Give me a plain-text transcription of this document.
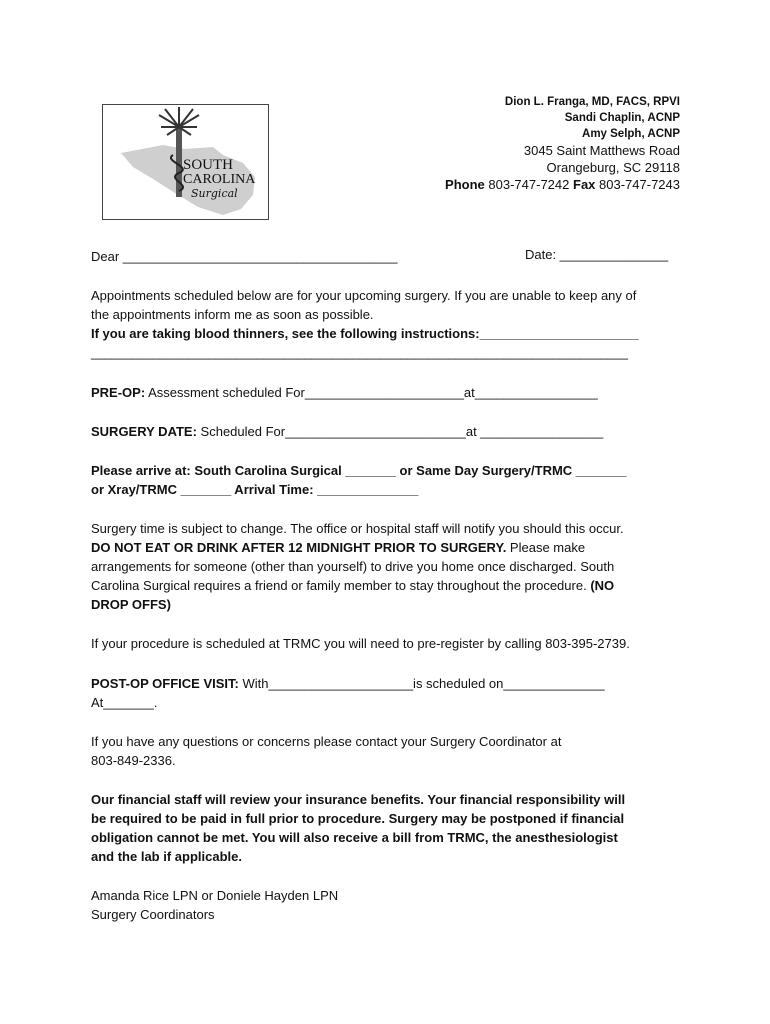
SOUTH
CAROLINA
Surgical
Dion L. Franga, MD, FACS, RPVI
Sandi Chaplin, ACNP
Amy Selph, ACNP
3045 Saint Matthews Road
Orangeburg, SC 29118
Phone 803-747-7242 Fax 803-747-7243
Dear ______________________________________	Date: _______________
Appointments scheduled below are for your upcoming surgery. If you are unable to keep any of
the appointments inform me as soon as possible.
If you are taking blood thinners, see the following instructions:______________________
______________________________________________________________________________
PRE-OP: Assessment scheduled For______________________at_________________
SURGERY DATE: Scheduled For_________________________at _________________
Please arrive at: South Carolina Surgical _______ or Same Day Surgery/TRMC _______
or Xray/TRMC _______ Arrival Time: ______________
Surgery time is subject to change. The office or hospital staff will notify you should this occur.
DO NOT EAT OR DRINK AFTER 12 MIDNIGHT PRIOR TO SURGERY. Please make
arrangements for someone (other than yourself) to drive you home once discharged. South
Carolina Surgical requires a friend or family member to stay throughout the procedure. (NO
DROP OFFS)
If your procedure is scheduled at TRMC you will need to pre-register by calling 803-395-2739.
POST-OP OFFICE VISIT: With____________________is scheduled on______________
At_______.
If you have any questions or concerns please contact your Surgery Coordinator at
803-849-2336.
Our financial staff will review your insurance benefits. Your financial responsibility will
be required to be paid in full prior to procedure. Surgery may be postponed if financial
obligation cannot be met. You will also receive a bill from TRMC, the anesthesiologist
and the lab if applicable.
Amanda Rice LPN or Doniele Hayden LPN
Surgery Coordinators
